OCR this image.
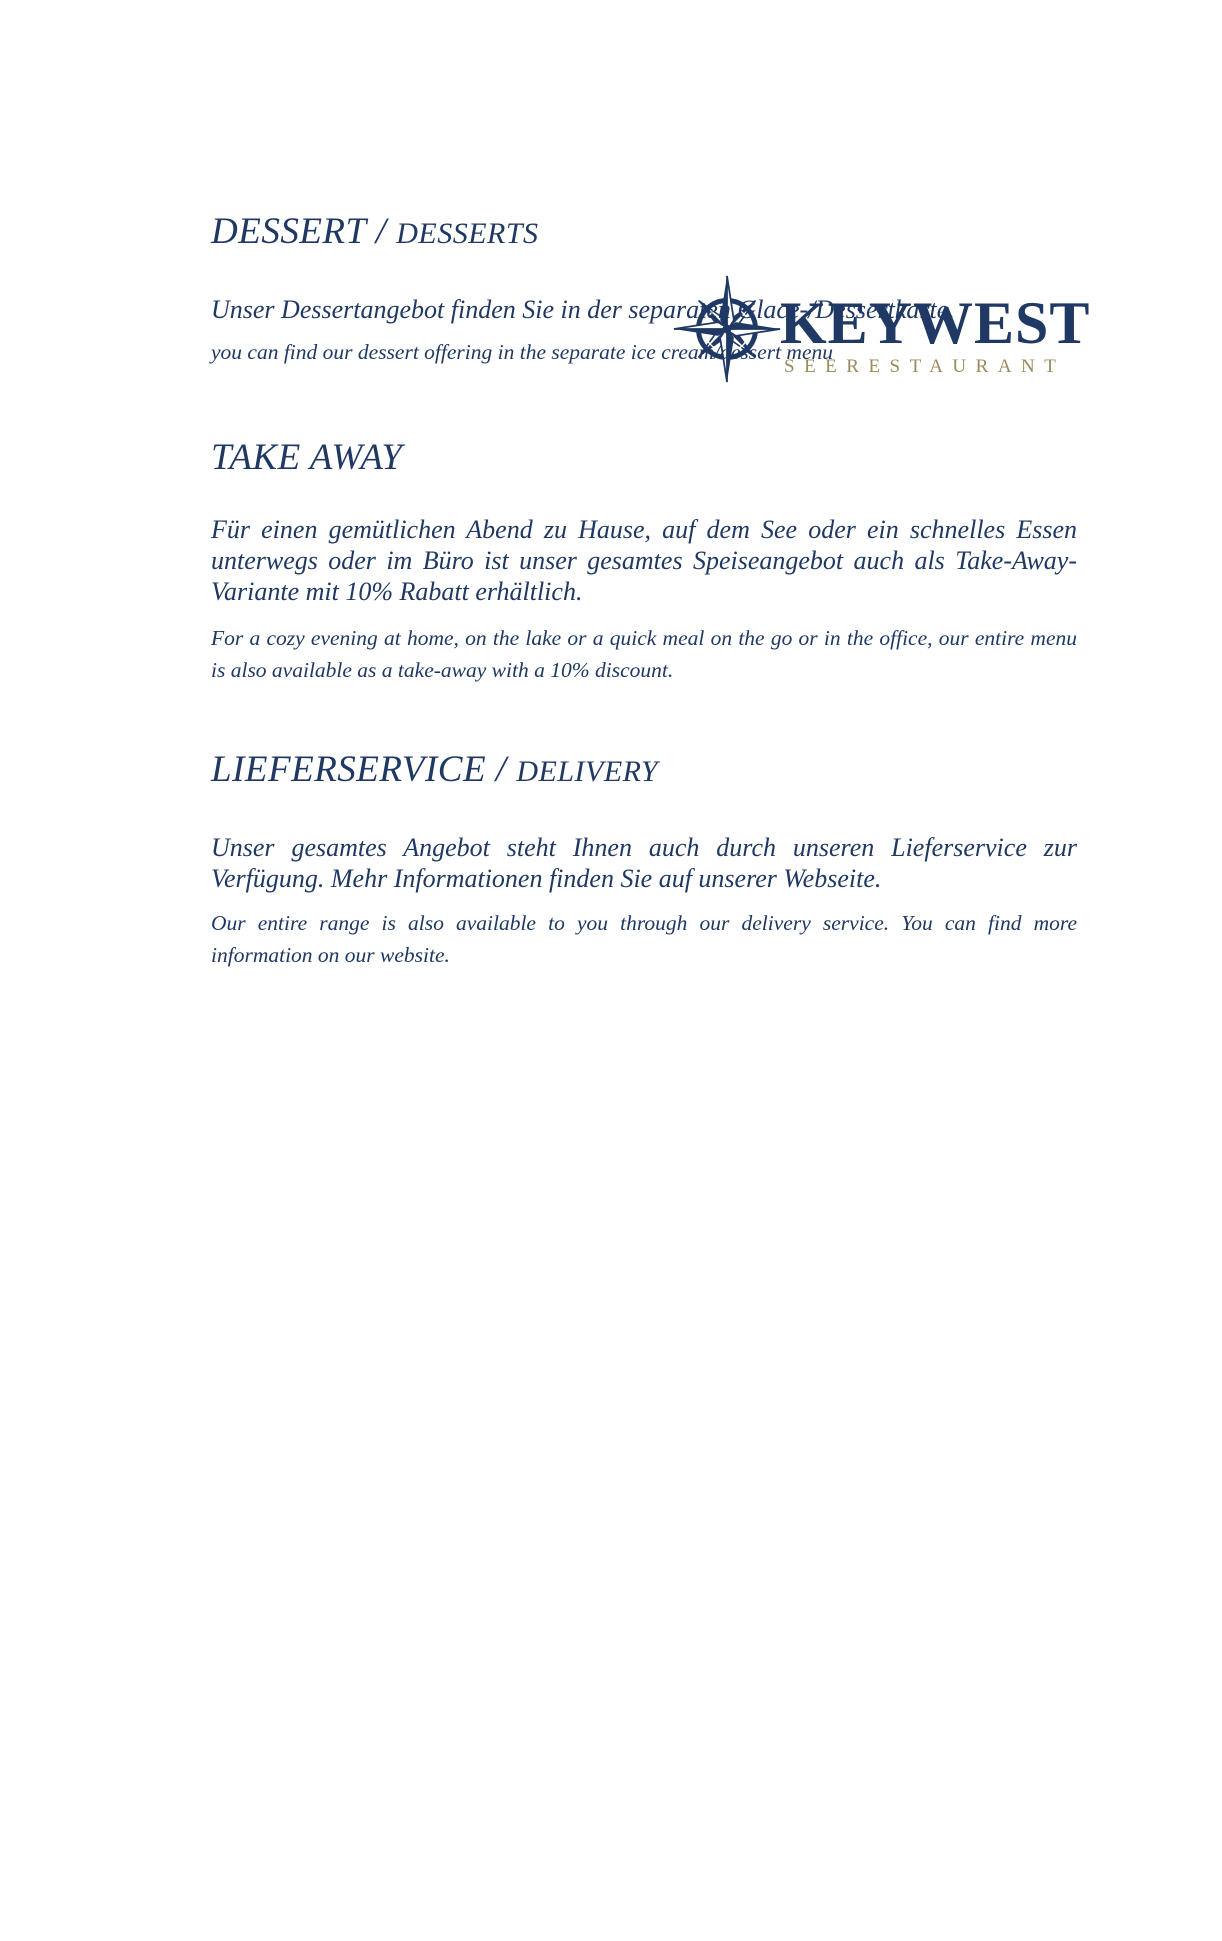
KEYWEST
SEERESTAURANT
DESSERT / DESSERTS

Unser Dessertangebot finden Sie in der separaten Glace-/Dessertkarte.

you can find our dessert offering in the separate ice cream/dessert menu

TAKE AWAY

Für einen gemütlichen Abend zu Hause, auf dem See oder ein schnelles Essen unterwegs oder im Büro ist unser gesamtes Speiseangebot auch als Take-Away-Variante mit 10% Rabatt erhältlich.

For a cozy evening at home, on the lake or a quick meal on the go or in the office, our entire menu is also available as a take-away with a 10% discount.

LIEFERSERVICE / DELIVERY

Unser gesamtes Angebot steht Ihnen auch durch unseren Lieferservice zur Verfügung. Mehr Informationen finden Sie auf unserer Webseite.

Our entire range is also available to you through our delivery service. You can find more information on our website.
